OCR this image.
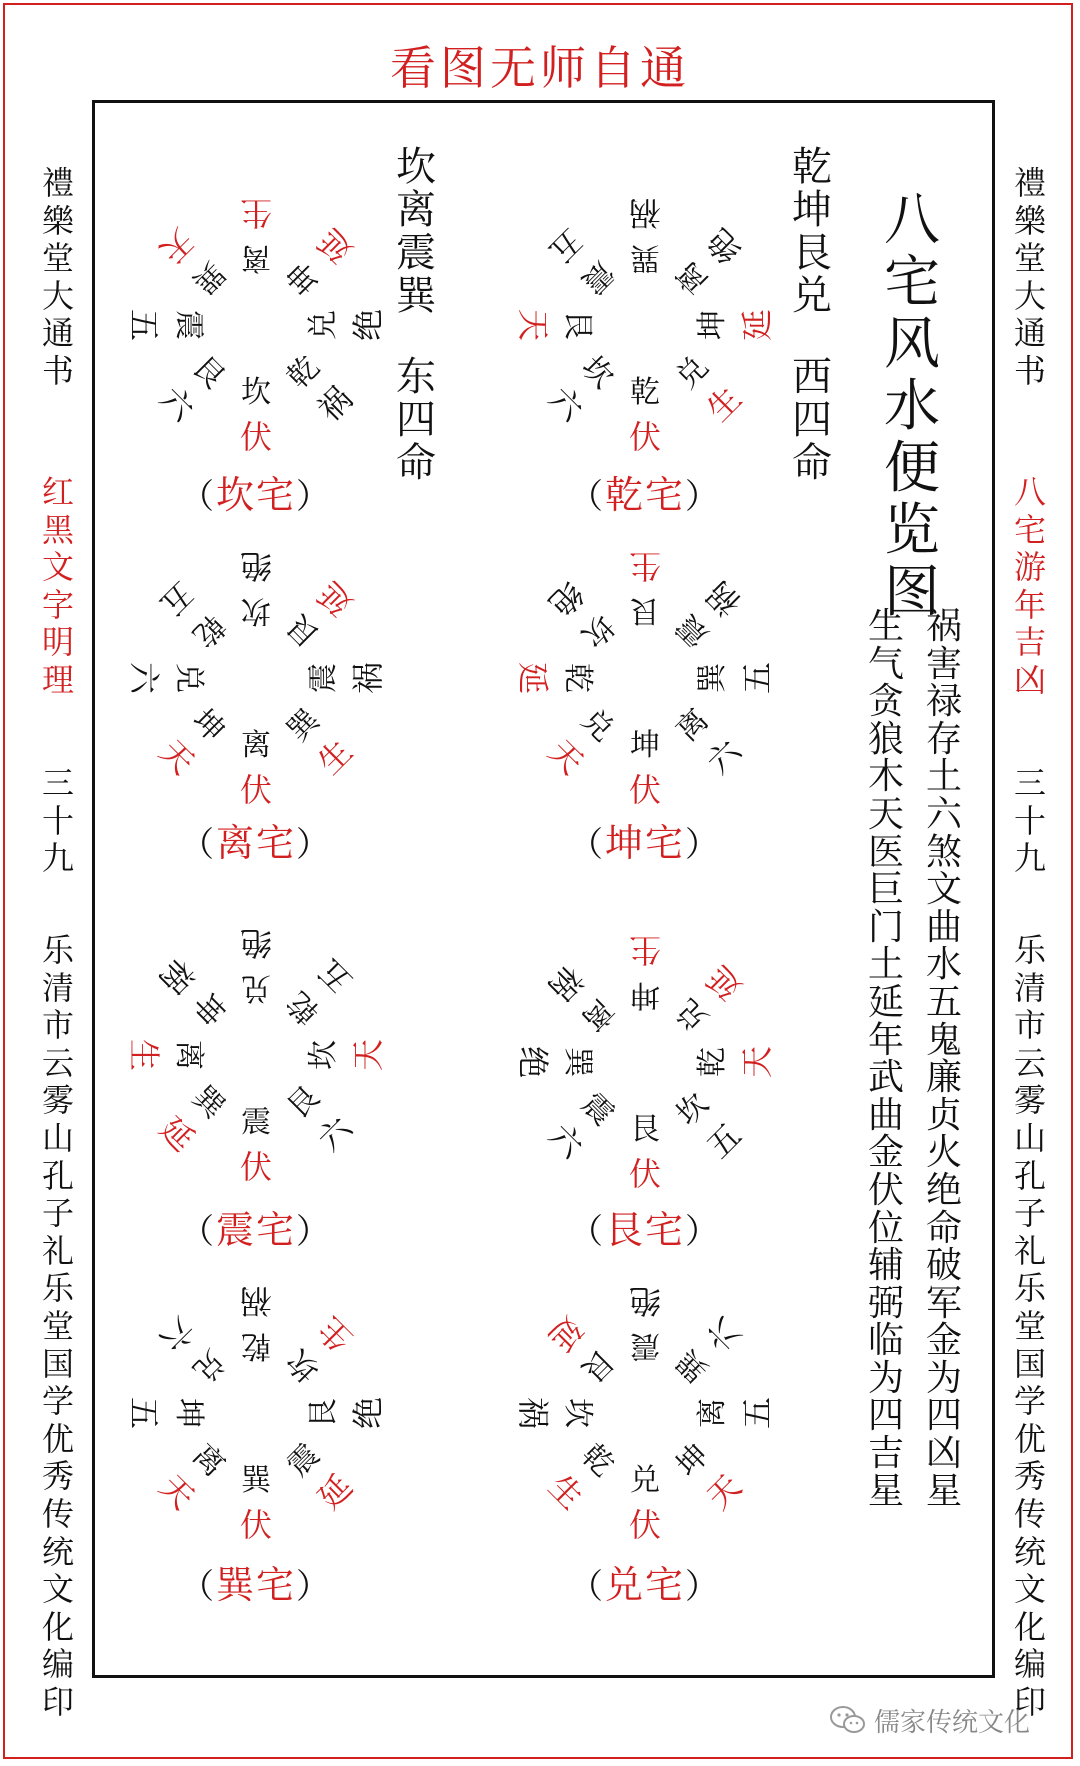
看图无师自通
禮
樂
堂
大
通
书
红
黑
文
字
明
理
三
十
九
乐
清
市
云
雾
山
孔
子
礼
乐
堂
国
学
优
秀
传
统
文
化
编
印
禮
樂
堂
大
通
书
八
宅
游
年
吉
凶
三
十
九
乐
清
市
云
雾
山
孔
子
礼
乐
堂
国
学
优
秀
传
统
文
化
编
印
八
宅
风
水
便
览
图
乾
坤
艮
兑
西
四
命
坎
离
震
巽
东
四
命
祸
害
禄
存
土
六
煞
文
曲
水
五
鬼
廉
贞
火
绝
命
破
军
金
为
四
凶
星
生
气
贪
狼
木
天
医
巨
门
土
延
年
武
曲
金
伏
位
辅
弼
临
为
四
吉
星
伏
乾
六
坎
天 艮
五
震
祸
巽 绝
离
延
坤
生
兑
伏
坎
六
艮
五 震
天
巽
生
离 延
坤
绝
兑
祸
乾
伏
坤
天
兑
延 乾
绝
坎
生
艮 祸
震
五
巽
六
离
伏
离
天
坤
六 兑
五
乾
绝
坎 延
艮
祸
震
生
巽
伏
艮
六
震
绝 巽
祸
离
生
坤 延
兑
天
乾
五
坎
伏
震
延
巽
生 离
祸
坤
绝
兑 五
乾
天
坎
六
艮
伏
兑
生
乾
祸 坎
延
艮
绝
震 六
巽
五
离
天
坤
伏
巽
天
离
五 坤
六
兑
祸
乾 生
坎
绝
艮
延
震
（乾宅）
（坎宅）
（坤宅）
（离宅）
（艮宅）
（震宅）
（兑宅）
（巽宅）
儒家传统文化
